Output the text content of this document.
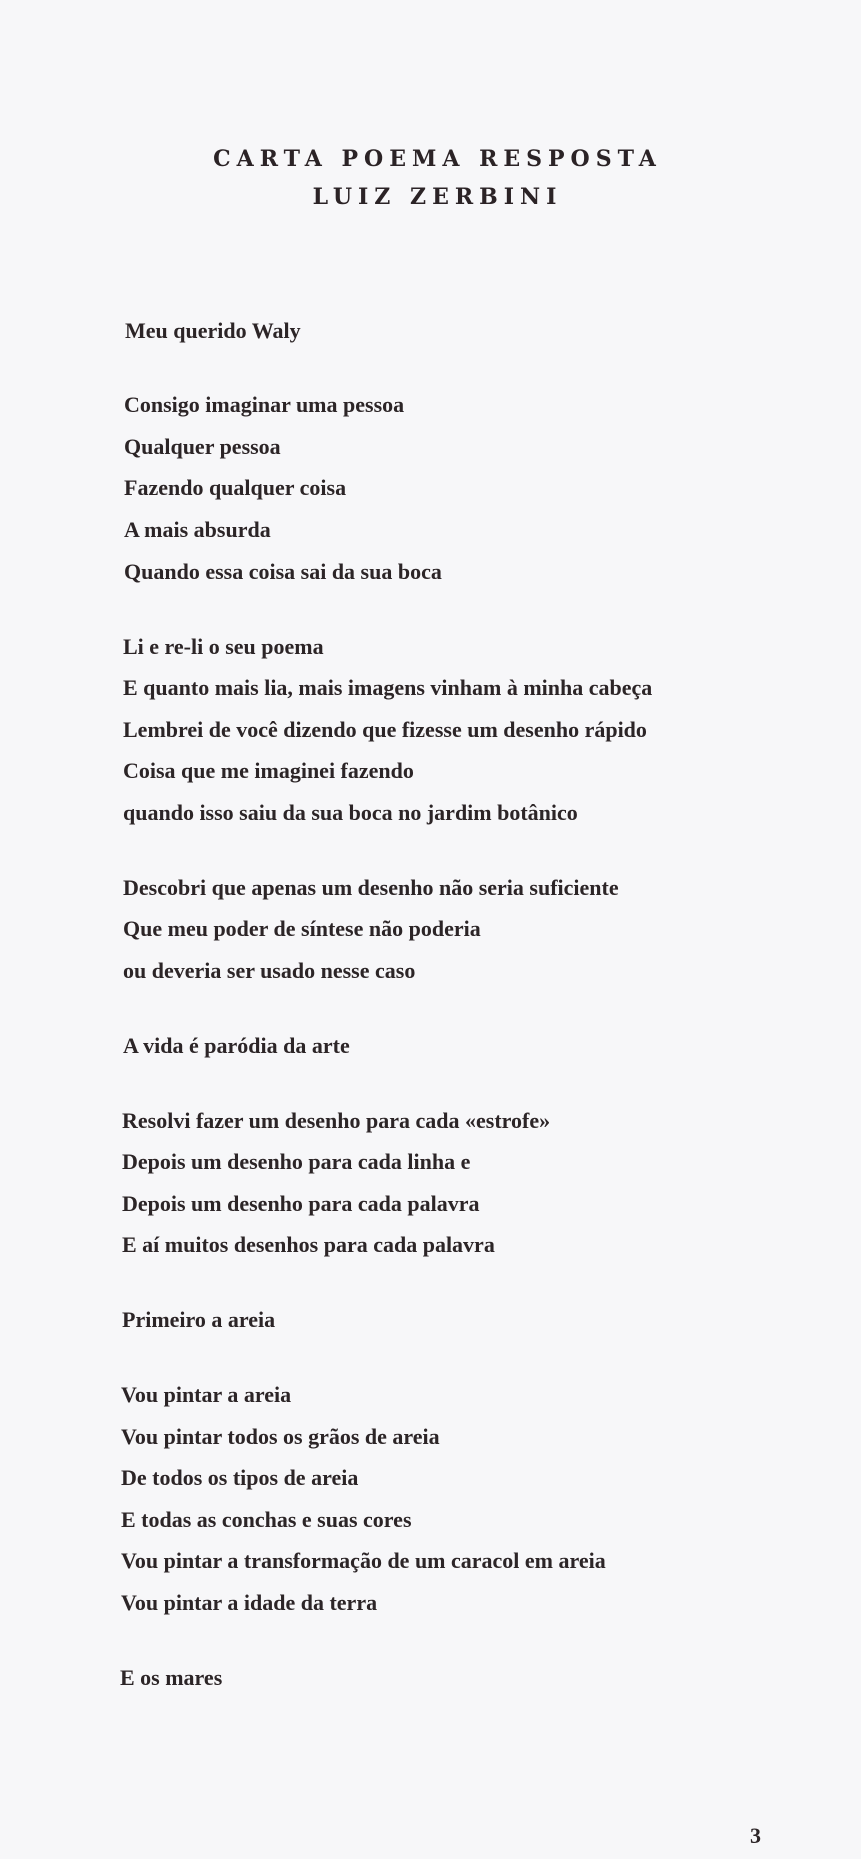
CARTA POEMA RESPOSTA
LUIZ ZERBINI
Meu querido Waly
Consigo imaginar uma pessoa
Qualquer pessoa
Fazendo qualquer coisa
A mais absurda
Quando essa coisa sai da sua boca
Li e re-li o seu poema
E quanto mais lia, mais imagens vinham à minha cabeça
Lembrei de você dizendo que fizesse um desenho rápido
Coisa que me imaginei fazendo
quando isso saiu da sua boca no jardim botânico
Descobri que apenas um desenho não seria suficiente
Que meu poder de síntese não poderia
ou deveria ser usado nesse caso
A vida é paródia da arte
Resolvi fazer um desenho para cada «estrofe»
Depois um desenho para cada linha e
Depois um desenho para cada palavra
E aí muitos desenhos para cada palavra
Primeiro a areia
Vou pintar a areia
Vou pintar todos os grãos de areia
De todos os tipos de areia
E todas as conchas e suas cores
Vou pintar a transformação de um caracol em areia
Vou pintar a idade da terra
E os mares
3
